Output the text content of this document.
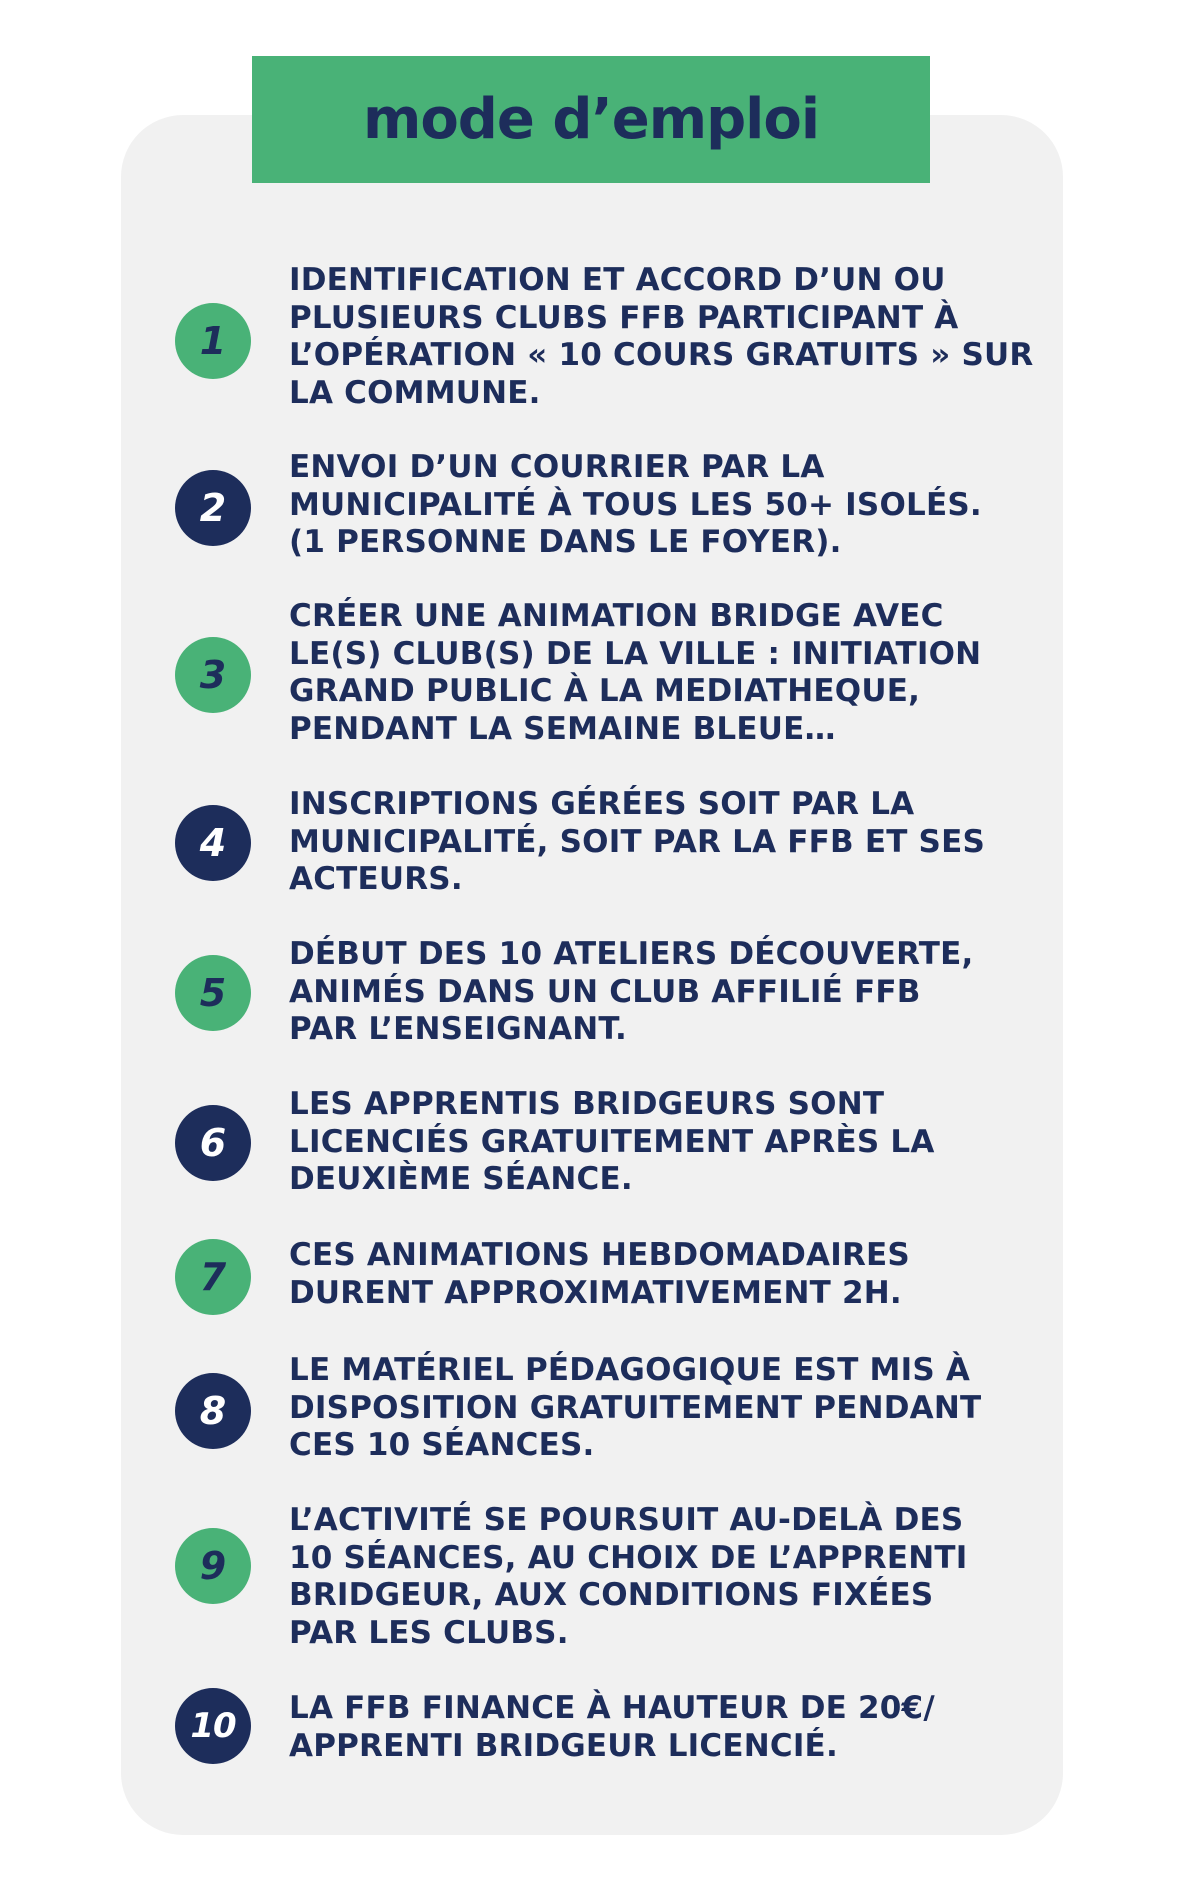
mode d’emploi
1
IDENTIFICATION ET ACCORD D’UN OU
PLUSIEURS CLUBS FFB PARTICIPANT À
L’OPÉRATION « 10 COURS GRATUITS » SUR
LA COMMUNE.
2
ENVOI D’UN COURRIER PAR LA
MUNICIPALITÉ À TOUS LES 50+ ISOLÉS.
(1 PERSONNE DANS LE FOYER).
3
CRÉER UNE ANIMATION BRIDGE AVEC
LE(S) CLUB(S) DE LA VILLE : INITIATION
GRAND PUBLIC À LA MEDIATHEQUE,
PENDANT LA SEMAINE BLEUE…
4
INSCRIPTIONS GÉRÉES SOIT PAR LA
MUNICIPALITÉ, SOIT PAR LA FFB ET SES
ACTEURS.
5
DÉBUT DES 10 ATELIERS DÉCOUVERTE,
ANIMÉS DANS UN CLUB AFFILIÉ FFB
PAR L’ENSEIGNANT.
6
LES APPRENTIS BRIDGEURS SONT
LICENCIÉS GRATUITEMENT APRÈS LA
DEUXIÈME SÉANCE.
7	CES ANIMATIONS HEBDOMADAIRES
DURENT APPROXIMATIVEMENT 2H.
8
LE MATÉRIEL PÉDAGOGIQUE EST MIS À
DISPOSITION GRATUITEMENT PENDANT
CES 10 SÉANCES.
9
L’ACTIVITÉ SE POURSUIT AU-DELÀ DES
10 SÉANCES, AU CHOIX DE L’APPRENTI
BRIDGEUR, AUX CONDITIONS FIXÉES
PAR LES CLUBS.
10	LA FFB FINANCE À HAUTEUR DE 20€/
APPRENTI BRIDGEUR LICENCIÉ.
